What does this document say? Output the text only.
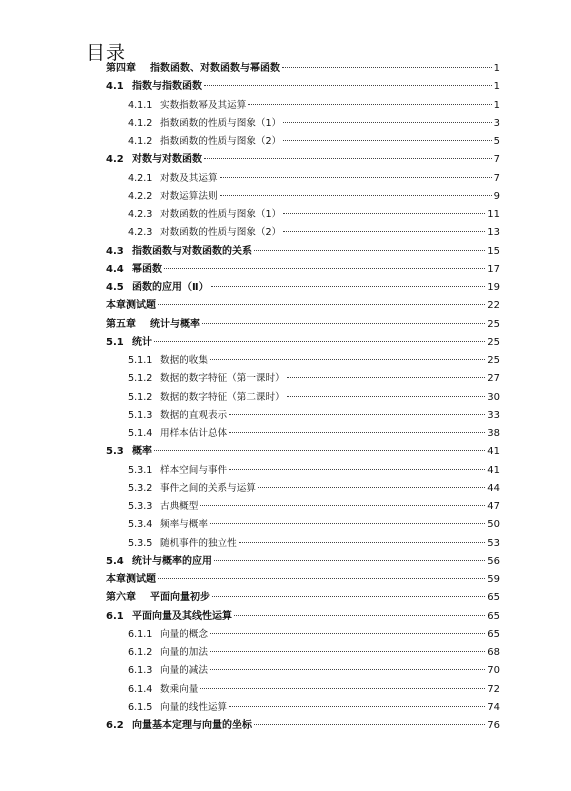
目录
第四章	指数函数、对数函数与幂函数	1
4.1 指数与指数函数	1
4.1.1 实数指数幂及其运算	1
4.1.2 指数函数的性质与图象（1）	3
4.1.2 指数函数的性质与图象（2）	5
4.2 对数与对数函数	7
4.2.1 对数及其运算	7
4.2.2 对数运算法则	9
4.2.3 对数函数的性质与图象（1）	11
4.2.3 对数函数的性质与图象（2）	13
4.3 指数函数与对数函数的关系	15
4.4 幂函数	17
4.5 函数的应用（Ⅱ）	19
本章测试题	22
第五章	统计与概率	25
5.1 统计	25
5.1.1 数据的收集	25
5.1.2 数据的数字特征（第一课时）	27
5.1.2 数据的数字特征（第二课时）	30
5.1.3 数据的直观表示	33
5.1.4 用样本估计总体	38
5.3 概率	41
5.3.1 样本空间与事件	41
5.3.2 事件之间的关系与运算	44
5.3.3 古典概型	47
5.3.4 频率与概率	50
5.3.5 随机事件的独立性	53
5.4 统计与概率的应用	56
本章测试题	59
第六章	平面向量初步	65
6.1 平面向量及其线性运算	65
6.1.1 向量的概念	65
6.1.2 向量的加法	68
6.1.3 向量的减法	70
6.1.4 数乘向量	72
6.1.5 向量的线性运算	74
6.2 向量基本定理与向量的坐标	76
